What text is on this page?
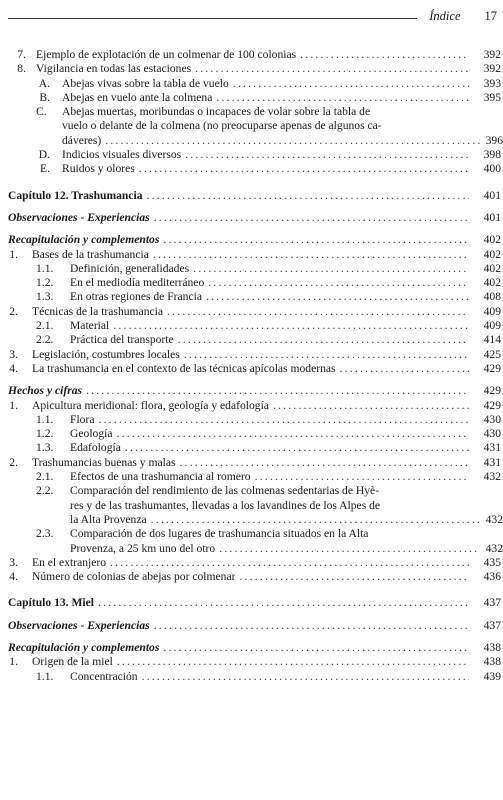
Índice 17
7. Ejemplo de explotación de un colmenar de 100 colonias .....	392
8. Vigilancia en todas las estaciones .....	392
A. Abejas vivas sobre la tabla de vuelo .....	393
B. Abejas en vuelo ante la colmena .....	395
C. Abejas muertas, moribundas o incapaces de volar sobre la tabla de
vuelo o delante de la colmena (no preocuparse apenas de algunos ca-
dáveres) .....	396
D. Indicios visuales diversos .....	398
E. Ruidos y olores .....	400
Capítulo 12. Trashumancia .....	401
Observaciones - Experiencias .....	401
Recapitulación y complementos .....	402
1. Bases de la trashumancia .....	402
1.1.	Definición, generalidades .....	402
1.2.	En el mediodía mediterráneo .....	402
1.3.	En otras regiones de Francia .....	408
2. Técnicas de la trashumancia .....	409
2.1.	Material .....	409
2.2.	Práctica del transporte .....	414
3. Legislación, costumbres locales .....	425
4. La trashumancia en el contexto de las técnicas apícolas modernas .....	429
Hechos y cifras .....	429
1. Apicultura meridional: flora, geología y edafología .....	429
1.1.	Flora .....	430
1.2.	Geología .....	430
1.3.	Edafología .....	431
2. Trashumancias buenas y malas .....	431
2.1.	Efectos de una trashumancia al romero .....	432
2.2.	Comparación del rendimiento de las colmenas sedentarias de Hyè-
res y de las trashumantes, llevadas a los lavandines de los Alpes de
la Alta Provenza .....	432
2.3.	Comparación de dos lugares de trashumancia situados en la Alta
Provenza, a 25 km uno del otro .....	432
3. En el extranjero .....	435
4. Número de colonias de abejas por colmenar .....	436
Capítulo 13. Miel .....	437
Observaciones - Experiencias .....	437
Recapitulación y complementos .....	438
1. Origen de la miel .....	438
1.1.	Concentración .....	439
